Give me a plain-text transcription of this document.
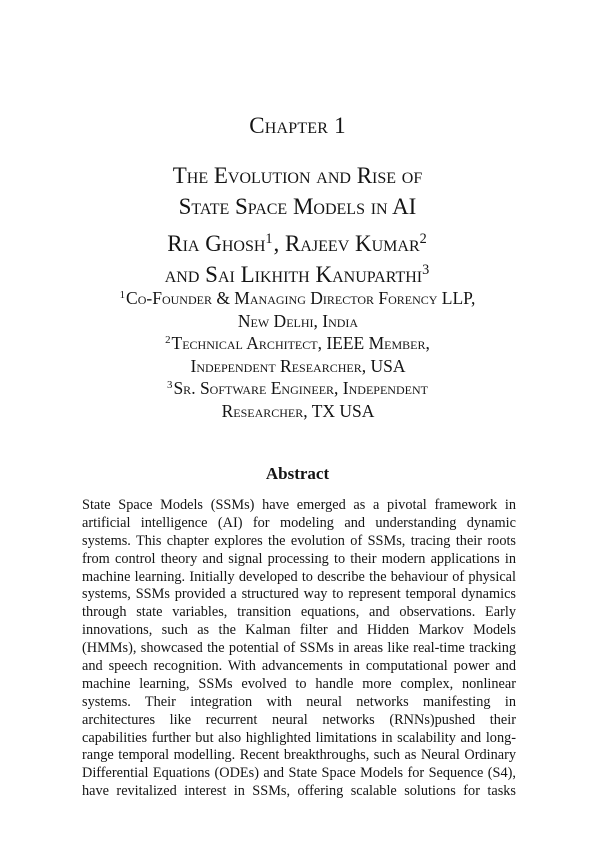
Chapter 1
The Evolution and Rise of
State Space Models in AI
Ria Ghosh$^1$, Rajeev Kumar$^2$
and Sai Likhith Kanuparthi$^3$
$^1$Co-Founder & Managing Director Forency LLP,
New Delhi, India
$^2$Technical Architect, IEEE Member,
Independent Researcher, USA
$^3$Sr. Software Engineer, Independent
Researcher, TX USA
Abstract
State Space Models (SSMs) have emerged as a pivotal framework in
artificial intelligence (AI) for modeling and understanding dynamic
systems. This chapter explores the evolution of SSMs, tracing their roots
from control theory and signal processing to their modern applications in
machine learning. Initially developed to describe the behaviour of physical
systems, SSMs provided a structured way to represent temporal dynamics
through state variables, transition equations, and observations. Early
innovations, such as the Kalman filter and Hidden Markov Models
(HMMs), showcased the potential of SSMs in areas like real-time tracking
and speech recognition. With advancements in computational power and
machine learning, SSMs evolved to handle more complex, nonlinear
systems. Their integration with neural networks manifesting in
architectures like recurrent neural networks (RNNs)pushed their
capabilities further but also highlighted limitations in scalability and long-
range temporal modelling. Recent breakthroughs, such as Neural Ordinary
Differential Equations (ODEs) and State Space Models for Sequence (S4),
have revitalized interest in SSMs, offering scalable solutions for tasks
